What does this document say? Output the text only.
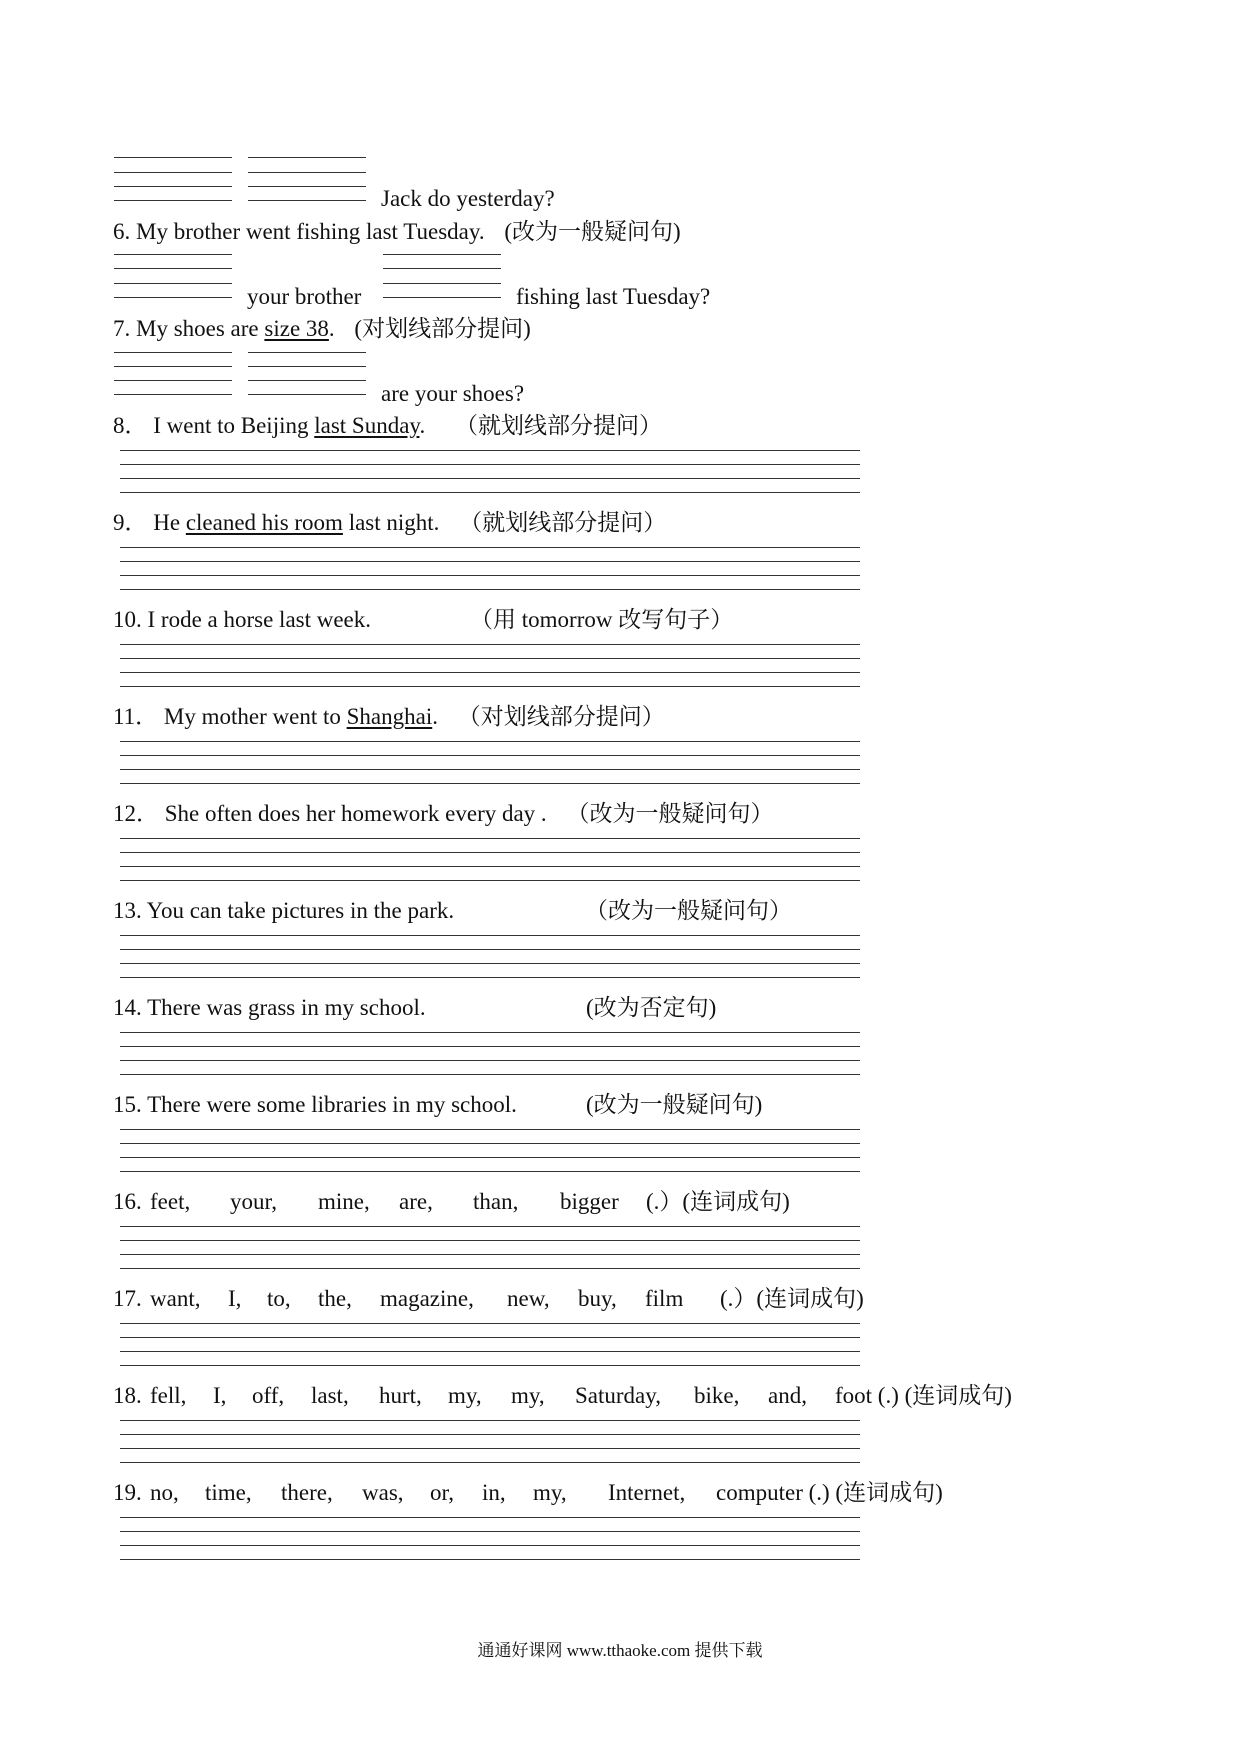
Jack do yesterday?
6. My brother went fishing last Tuesday. (改为一般疑问句)
your brother	fishing last Tuesday?
7. My shoes are size 38. (对划线部分提问)
are your shoes?
8． I went to Beijing last Sunday. （就划线部分提问）
9． He cleaned his room last night. （就划线部分提问）
10. I rode a horse last week.	（用 tomorrow 改写句子）
11． My mother went to Shanghai. （对划线部分提问）
12． She often does her homework every day . （改为一般疑问句）
13. You can take pictures in the park.	（改为一般疑问句）
14. There was grass in my school.	(改为否定句)
15. There were some libraries in my school.	(改为一般疑问句)
16. feet, your, mine, are, than, bigger (.）(连词成句)
17. want, I, to, the, magazine, new, buy, film (.）(连词成句)
18. fell, I, off, last, hurt, my, my, Saturday, bike, and, foot (.) (连词成句)
19. no, time, there, was, or, in, my, Internet, computer (.) (连词成句)
通通好课网 www.tthaoke.com 提供下载
